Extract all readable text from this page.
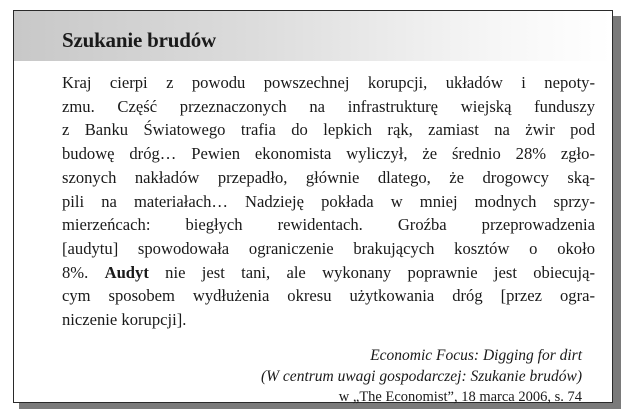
Szukanie brudów
Kraj cierpi z powodu powszechnej korupcji, układów i nepoty-
zmu. Część przeznaczonych na infrastrukturę wiejską funduszy
z Banku Światowego trafia do lepkich rąk, zamiast na żwir pod
budowę dróg… Pewien ekonomista wyliczył, że średnio 28% zgło-
szonych nakładów przepadło, głównie dlatego, że drogowcy ską-
pili na materiałach… Nadzieję pokłada w mniej modnych sprzy-
mierzeńcach: biegłych rewidentach. Groźba przeprowadzenia
[audytu] spowodowała ograniczenie brakujących kosztów o około
8%. Audyt nie jest tani, ale wykonany poprawnie jest obiecują-
cym sposobem wydłużenia okresu użytkowania dróg [przez ogra-
niczenie korupcji].
Economic Focus: Digging for dirt
(W centrum uwagi gospodarczej: Szukanie brudów)
w „The Economist”, 18 marca 2006, s. 74
